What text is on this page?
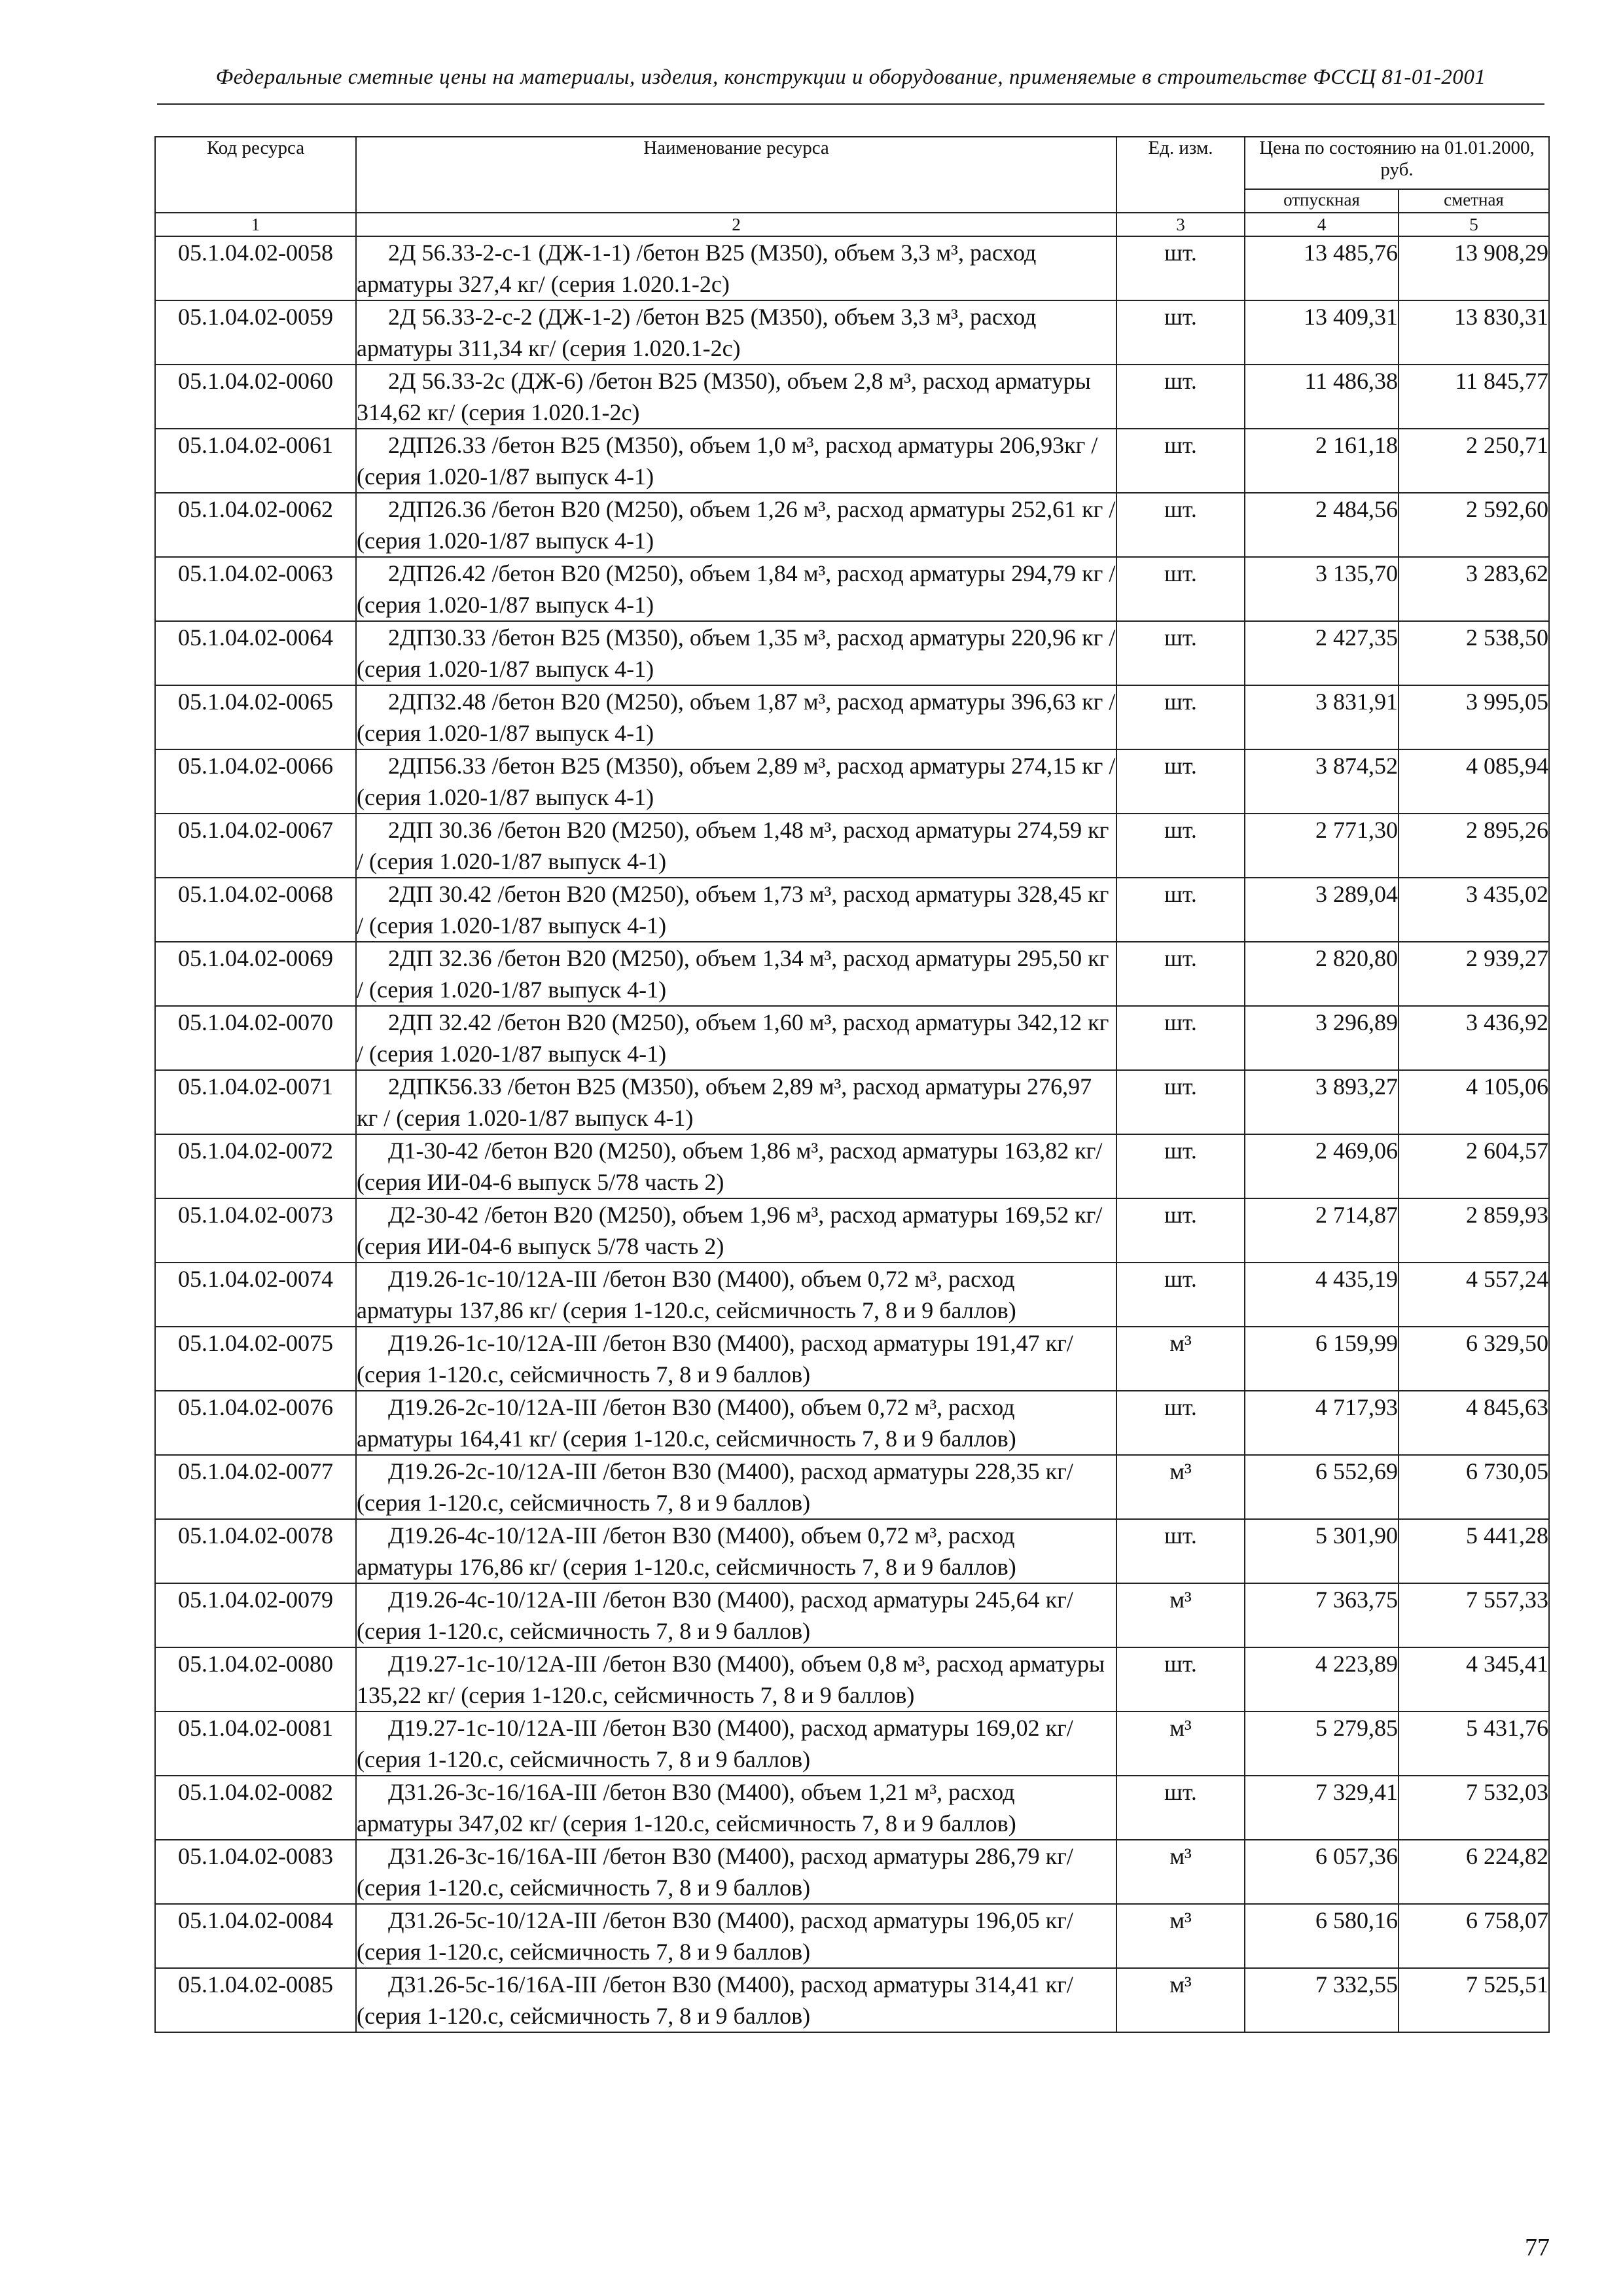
Федеральные сметные цены на материалы, изделия, конструкции и оборудование, применяемые в строительстве ФССЦ 81-01-2001
Код ресурса	Наименование ресурса	Ед. изм.	Цена по состоянию на 01.01.2000, руб.	
			отпускная	сметная
1	2	3	4	5
05.1.04.02-0058	2Д 56.33-2-с-1 (ДЖ-1-1) /бетон В25 (М350), объем 3,3 м³, расход арматуры 327,4 кг/ (серия 1.020.1-2с)	шт.	13 485,76	13 908,29
05.1.04.02-0059	2Д 56.33-2-с-2 (ДЖ-1-2) /бетон В25 (М350), объем 3,3 м³, расход арматуры 311,34 кг/ (серия 1.020.1-2с)	шт.	13 409,31	13 830,31
05.1.04.02-0060	2Д 56.33-2с (ДЖ-6) /бетон В25 (М350), объем 2,8 м³, расход арматуры 314,62 кг/ (серия 1.020.1-2с)	шт.	11 486,38	11 845,77
05.1.04.02-0061	2ДП26.33 /бетон В25 (М350), объем 1,0 м³, расход арматуры 206,93кг / (серия 1.020-1/87 выпуск 4-1)	шт.	2 161,18	2 250,71
05.1.04.02-0062	2ДП26.36 /бетон В20 (М250), объем 1,26 м³, расход арматуры 252,61 кг / (серия 1.020-1/87 выпуск 4-1)	шт.	2 484,56	2 592,60
05.1.04.02-0063	2ДП26.42 /бетон В20 (М250), объем 1,84 м³, расход арматуры 294,79 кг / (серия 1.020-1/87 выпуск 4-1)	шт.	3 135,70	3 283,62
05.1.04.02-0064	2ДП30.33 /бетон В25 (М350), объем 1,35 м³, расход арматуры 220,96 кг / (серия 1.020-1/87 выпуск 4-1)	шт.	2 427,35	2 538,50
05.1.04.02-0065	2ДП32.48 /бетон В20 (М250), объем 1,87 м³, расход арматуры 396,63 кг / (серия 1.020-1/87 выпуск 4-1)	шт.	3 831,91	3 995,05
05.1.04.02-0066	2ДП56.33 /бетон В25 (М350), объем 2,89 м³, расход арматуры 274,15 кг / (серия 1.020-1/87 выпуск 4-1)	шт.	3 874,52	4 085,94
05.1.04.02-0067	2ДП 30.36 /бетон В20 (М250), объем 1,48 м³, расход арматуры 274,59 кг / (серия 1.020-1/87 выпуск 4-1)	шт.	2 771,30	2 895,26
05.1.04.02-0068	2ДП 30.42 /бетон В20 (М250), объем 1,73 м³, расход арматуры 328,45 кг / (серия 1.020-1/87 выпуск 4-1)	шт.	3 289,04	3 435,02
05.1.04.02-0069	2ДП 32.36 /бетон В20 (М250), объем 1,34 м³, расход арматуры 295,50 кг / (серия 1.020-1/87 выпуск 4-1)	шт.	2 820,80	2 939,27
05.1.04.02-0070	2ДП 32.42 /бетон В20 (М250), объем 1,60 м³, расход арматуры 342,12 кг / (серия 1.020-1/87 выпуск 4-1)	шт.	3 296,89	3 436,92
05.1.04.02-0071	2ДПК56.33 /бетон В25 (М350), объем 2,89 м³, расход арматуры 276,97 кг / (серия 1.020-1/87 выпуск 4-1)	шт.	3 893,27	4 105,06
05.1.04.02-0072	Д1-30-42 /бетон В20 (М250), объем 1,86 м³, расход арматуры 163,82 кг/ (серия ИИ-04-6 выпуск 5/78 часть 2)	шт.	2 469,06	2 604,57
05.1.04.02-0073	Д2-30-42 /бетон В20 (М250), объем 1,96 м³, расход арматуры 169,52 кг/ (серия ИИ-04-6 выпуск 5/78 часть 2)	шт.	2 714,87	2 859,93
05.1.04.02-0074	Д19.26-1с-10/12А-III /бетон В30 (М400), объем 0,72 м³, расход арматуры 137,86 кг/ (серия 1-120.с, сейсмичность 7, 8 и 9 баллов)	шт.	4 435,19	4 557,24
05.1.04.02-0075	Д19.26-1с-10/12А-III /бетон В30 (М400), расход арматуры 191,47 кг/ (серия 1-120.с, сейсмичность 7, 8 и 9 баллов)	м³	6 159,99	6 329,50
05.1.04.02-0076	Д19.26-2с-10/12А-III /бетон В30 (М400), объем 0,72 м³, расход арматуры 164,41 кг/ (серия 1-120.с, сейсмичность 7, 8 и 9 баллов)	шт.	4 717,93	4 845,63
05.1.04.02-0077	Д19.26-2с-10/12А-III /бетон В30 (М400), расход арматуры 228,35 кг/ (серия 1-120.с, сейсмичность 7, 8 и 9 баллов)	м³	6 552,69	6 730,05
05.1.04.02-0078	Д19.26-4с-10/12А-III /бетон В30 (М400), объем 0,72 м³, расход арматуры 176,86 кг/ (серия 1-120.с, сейсмичность 7, 8 и 9 баллов)	шт.	5 301,90	5 441,28
05.1.04.02-0079	Д19.26-4с-10/12А-III /бетон В30 (М400), расход арматуры 245,64 кг/ (серия 1-120.с, сейсмичность 7, 8 и 9 баллов)	м³	7 363,75	7 557,33
05.1.04.02-0080	Д19.27-1с-10/12А-III /бетон В30 (М400), объем 0,8 м³, расход арматуры 135,22 кг/ (серия 1-120.с, сейсмичность 7, 8 и 9 баллов)	шт.	4 223,89	4 345,41
05.1.04.02-0081	Д19.27-1с-10/12А-III /бетон В30 (М400), расход арматуры 169,02 кг/ (серия 1-120.с, сейсмичность 7, 8 и 9 баллов)	м³	5 279,85	5 431,76
05.1.04.02-0082	Д31.26-3с-16/16А-III /бетон В30 (М400), объем 1,21 м³, расход арматуры 347,02 кг/ (серия 1-120.с, сейсмичность 7, 8 и 9 баллов)	шт.	7 329,41	7 532,03
05.1.04.02-0083	Д31.26-3с-16/16А-III /бетон В30 (М400), расход арматуры 286,79 кг/ (серия 1-120.с, сейсмичность 7, 8 и 9 баллов)	м³	6 057,36	6 224,82
05.1.04.02-0084	Д31.26-5с-10/12А-III /бетон В30 (М400), расход арматуры 196,05 кг/ (серия 1-120.с, сейсмичность 7, 8 и 9 баллов)	м³	6 580,16	6 758,07
05.1.04.02-0085	Д31.26-5с-16/16А-III /бетон В30 (М400), расход арматуры 314,41 кг/ (серия 1-120.с, сейсмичность 7, 8 и 9 баллов)	м³	7 332,55	7 525,51
77
